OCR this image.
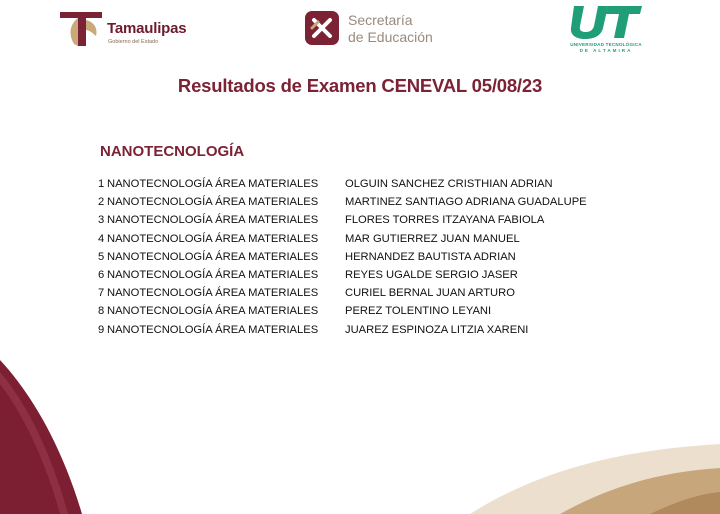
Tamaulipas
Gobierno del Estado
Secretaría
de Educación	UNIVERSIDAD TECNOLÓGICA
DE ALTAMIRA
Resultados de Examen CENEVAL 05/08/23
NANOTECNOLOGÍA
1 NANOTECNOLOGÍA ÁREA MATERIALES OLGUIN SANCHEZ CRISTHIAN ADRIAN
2 NANOTECNOLOGÍA ÁREA MATERIALES MARTINEZ SANTIAGO ADRIANA GUADALUPE
3 NANOTECNOLOGÍA ÁREA MATERIALES FLORES TORRES ITZAYANA FABIOLA
4 NANOTECNOLOGÍA ÁREA MATERIALES MAR GUTIERREZ JUAN MANUEL
5 NANOTECNOLOGÍA ÁREA MATERIALES HERNANDEZ BAUTISTA ADRIAN
6 NANOTECNOLOGÍA ÁREA MATERIALES REYES UGALDE SERGIO JASER
7 NANOTECNOLOGÍA ÁREA MATERIALES CURIEL BERNAL JUAN ARTURO
8 NANOTECNOLOGÍA ÁREA MATERIALES PEREZ TOLENTINO LEYANI
9 NANOTECNOLOGÍA ÁREA MATERIALES JUAREZ ESPINOZA LITZIA XARENI
